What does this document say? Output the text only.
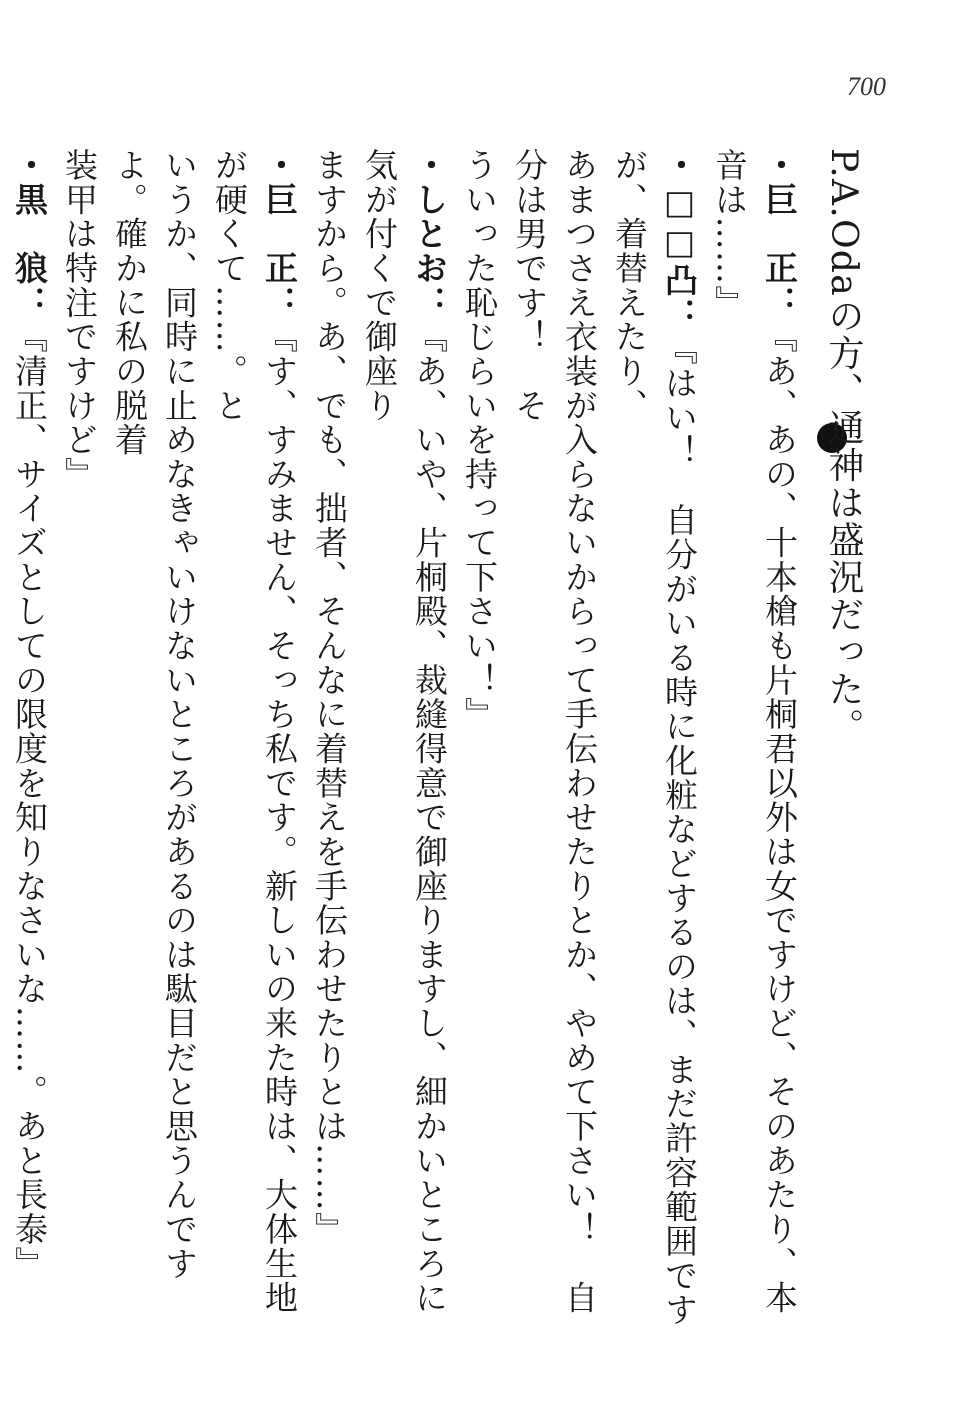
700

P.A.Odaの方、通神は盛況だった。

・巨　正：『あ、あの、十本槍も片桐君以外は女ですけど、そのあたり、本音は……』

・□□凸：『はい！　自分がいる時に化粧などするのは、まだ許容範囲ですが、着替えたり、

あまつさえ衣装が入らないからって手伝わせたりとか、やめて下さい！　自分は男です！　そ

ういった恥じらいを持って下さい！』

・しとお：『あ、いや、片桐殿、裁縫得意で御座りますし、細かいところに気が付くで御座り

ますから。あ、でも、拙者、そんなに着替えを手伝わせたりとは……』

・巨　正：『す、すみません、そっち私です。新しいの来た時は、大体生地が硬くて……。と

いうか、同時に止めなきゃいけないところがあるのは駄目だと思うんですよ。確かに私の脱着

装甲は特注ですけど』

・黒　狼：『清正、サイズとしての限度を知りなさいな……。あと長泰』
